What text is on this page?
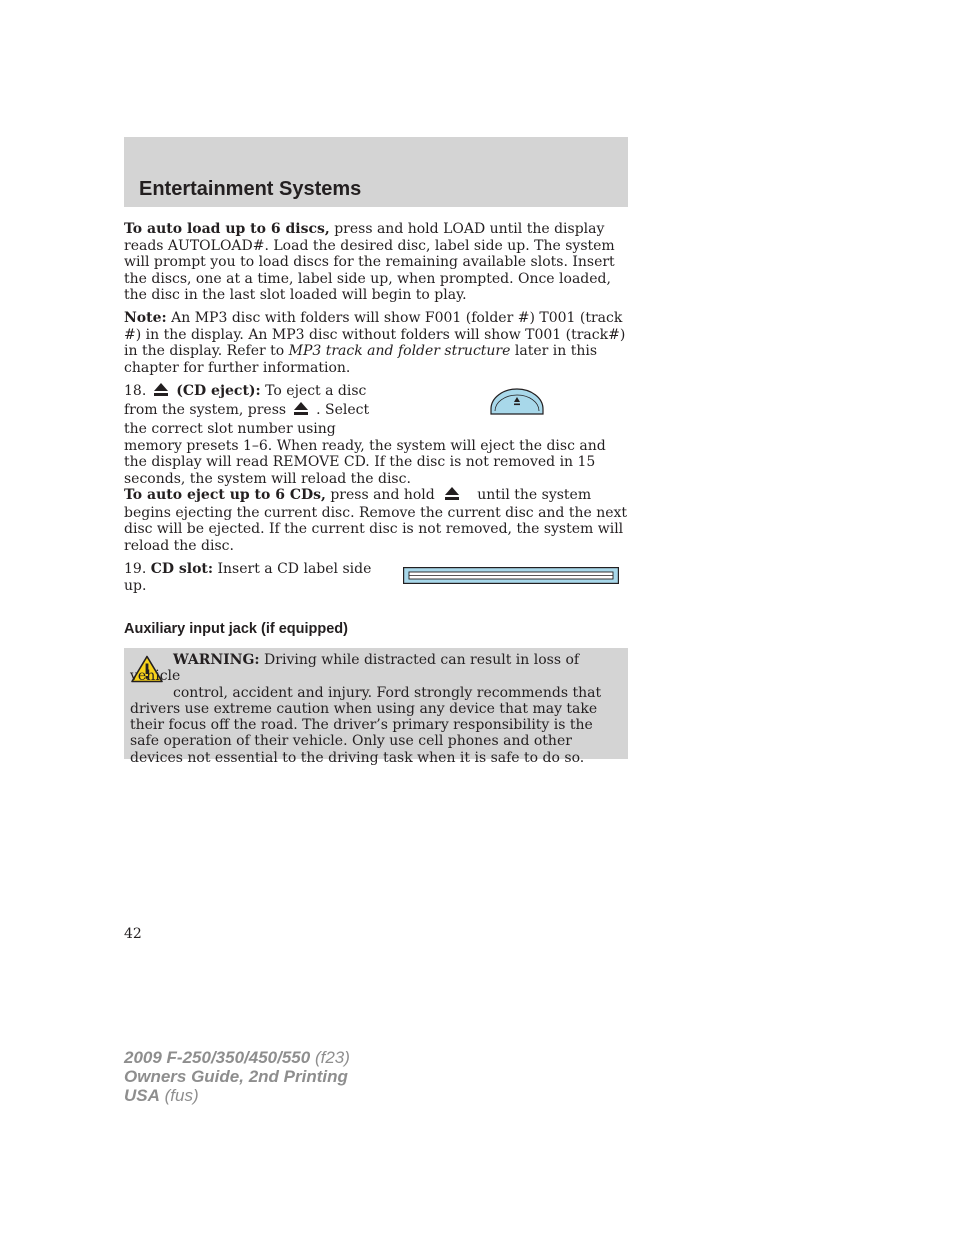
Entertainment Systems

To auto load up to 6 discs, press and hold LOAD until the display reads AUTOLOAD#. Load the desired disc, label side up. The system will prompt you to load discs for the remaining available slots. Insert the discs, one at a time, label side up, when prompted. Once loaded, the disc in the last slot loaded will begin to play.

Note: An MP3 disc with folders will show F001 (folder #) T001 (track #) in the display. An MP3 disc without folders will show T001 (track#) in the display. Refer to MP3 track and folder structure later in this chapter for further information.

18. (CD eject): To eject a disc
from the system, press . Select
the correct slot number using

memory presets 1–6. When ready, the system will eject the disc and the display will read REMOVE CD. If the disc is not removed in 15 seconds, the system will reload the disc.

To auto eject up to 6 CDs, press and hold	until the system begins ejecting the current disc. Remove the current disc and the next disc will be ejected. If the current disc is not removed, the system will reload the disc.

19. CD slot: Insert a CD label side up.

Auxiliary input jack (if equipped)
WARNING: Driving while distracted can result in loss of vehicle
control, accident and injury. Ford strongly recommends that
drivers use extreme caution when using any device that may take their focus off the road. The driver’s primary responsibility is the safe operation of their vehicle. Only use cell phones and other devices not essential to the driving task when it is safe to do so.
42
2009 F-250/350/450/550 (f23)
Owners Guide, 2nd Printing
USA (fus)
